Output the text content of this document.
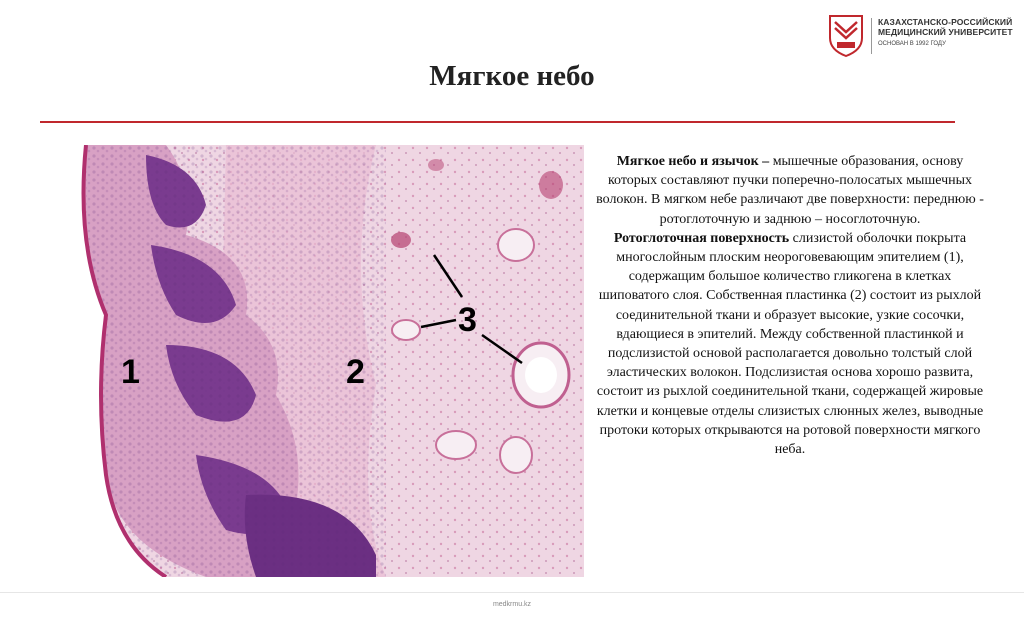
КАЗАХСТАНСКО-РОССИЙСКИЙ
МЕДИЦИНСКИЙ УНИВЕРСИТЕТ
ОСНОВАН В 1992 ГОДУ
Мягкое небо
1	2
3
Мягкое небо и язычок – мышечные образования, основу которых составляют пучки поперечно-полосатых мышечных волокон. В мягком небе различают две поверхности: переднюю - ротоглоточную и заднюю – носоглоточную.
Ротоглоточная поверхность слизистой оболочки покрыта многослойным плоским неороговевающим эпителием (1), содержащим большое количество гликогена в клетках шиповатого слоя. Собственная пластинка (2) состоит из рыхлой соединительной ткани и образует высокие, узкие сосочки, вдающиеся в эпителий. Между собственной пластинкой и подслизистой основой располагается довольно толстый слой эластических волокон. Подслизистая основа хорошо развита, состоит из рыхлой соединительной ткани, содержащей жировые клетки и концевые отделы слизистых слюнных желез, выводные протоки которых открываются на ротовой поверхности мягкого неба.
medkrmu.kz
